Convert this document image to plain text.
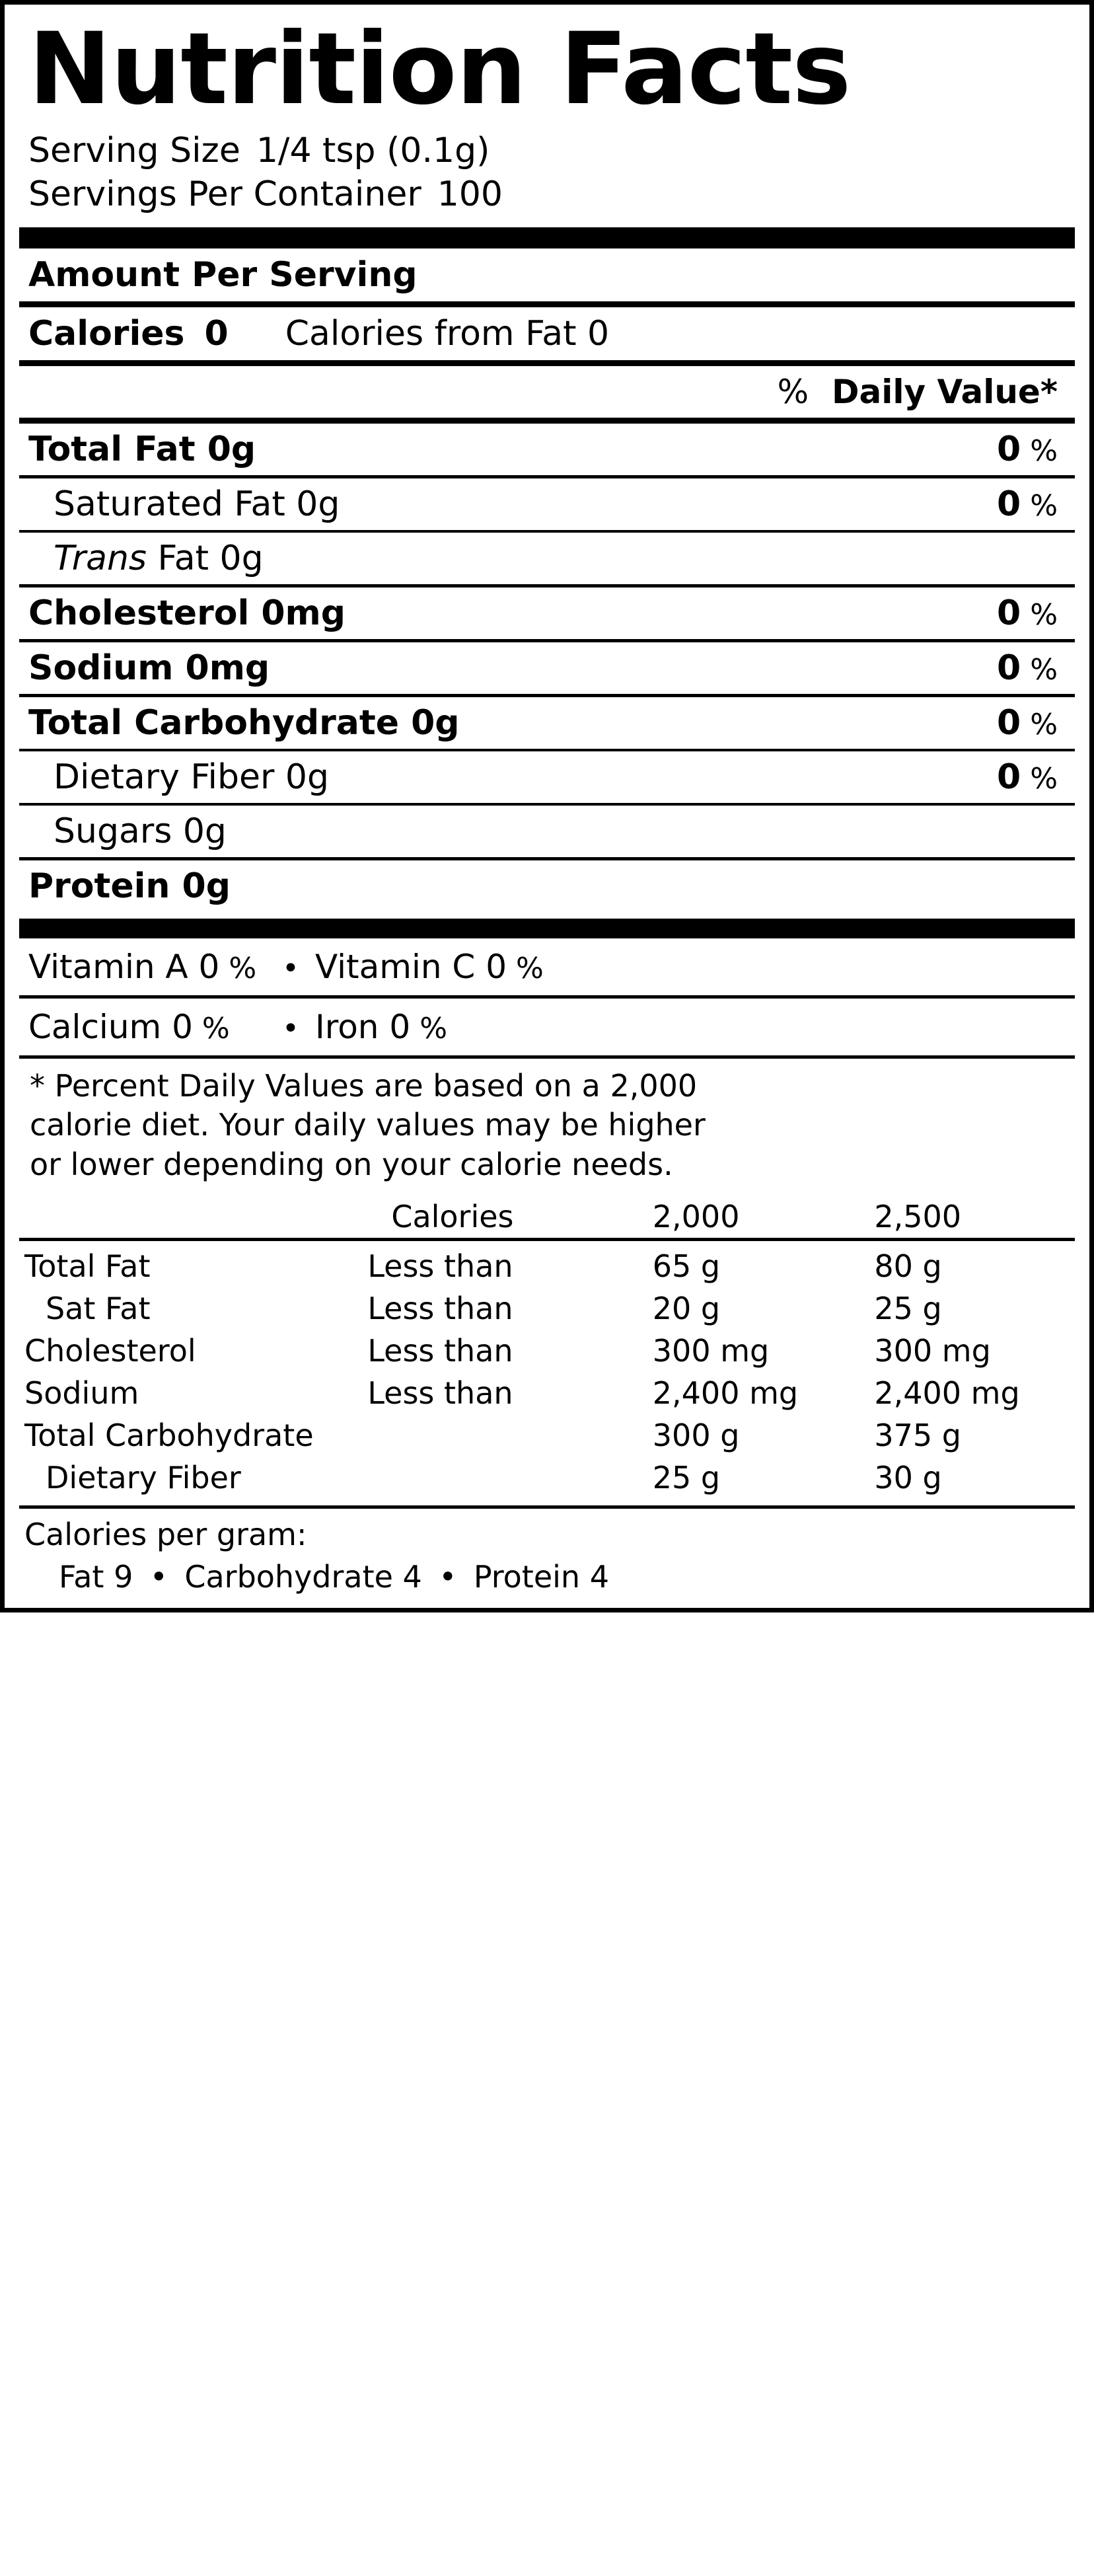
Nutrition Facts
Serving Size 1/4 tsp (0.1g)
Servings Per Container 100
Amount Per Serving
Calories 0 Calories from Fat 0
%  Daily Value*
Total Fat 0g	0 %
Saturated Fat 0g	0 %
Trans Fat 0g
Cholesterol 0mg	0 %
Sodium 0mg	0 %
Total Carbohydrate 0g	0 %
Dietary Fiber 0g	0 %
Sugars 0g
Protein 0g
Vitamin A 0 % • Vitamin C 0 %
Calcium 0 %	• Iron 0 %
* Percent Daily Values are based on a 2,000
calorie diet. Your daily values may be higher
or lower depending on your calorie needs.
	Calories	2,000	2,500
Total Fat	Less than	65 g	80 g
Sat Fat	Less than	20 g	25 g
Cholesterol	Less than	300 mg	300 mg
Sodium	Less than	2,400 mg	2,400 mg
Total Carbohydrate		300 g	375 g
Dietary Fiber		25 g	30 g
Calories per gram:
Fat 9 • Carbohydrate 4 • Protein 4
